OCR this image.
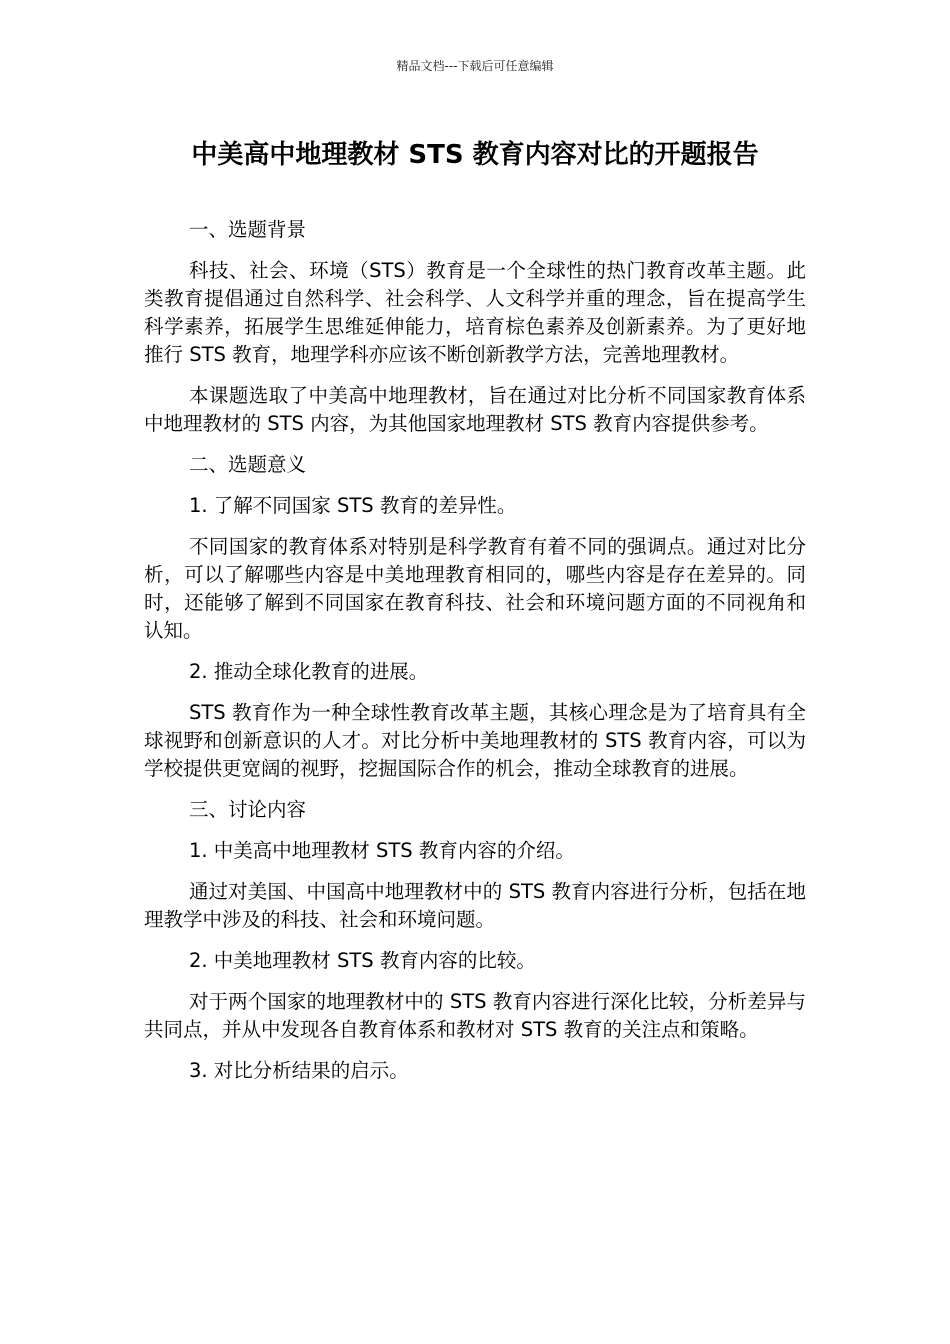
精品文档---下载后可任意编辑
中美高中地理教材 STS 教育内容对比的开题报告
一、选题背景

科技、社会、环境（STS）教育是一个全球性的热门教育改革主题。此类教育提倡通过自然科学、社会科学、人文科学并重的理念，旨在提高学生科学素养，拓展学生思维延伸能力，培育棕色素养及创新素养。为了更好地推行 STS 教育，地理学科亦应该不断创新教学方法，完善地理教材。

本课题选取了中美高中地理教材，旨在通过对比分析不同国家教育体系中地理教材的 STS 内容，为其他国家地理教材 STS 教育内容提供参考。

二、选题意义
1. 了解不同国家 STS 教育的差异性。

不同国家的教育体系对特别是科学教育有着不同的强调点。通过对比分析，可以了解哪些内容是中美地理教育相同的，哪些内容是存在差异的。同时，还能够了解到不同国家在教育科技、社会和环境问题方面的不同视角和认知。

2. 推动全球化教育的进展。

STS 教育作为一种全球性教育改革主题，其核心理念是为了培育具有全球视野和创新意识的人才。对比分析中美地理教材的 STS 教育内容，可以为学校提供更宽阔的视野，挖掘国际合作的机会，推动全球教育的进展。

三、讨论内容
1. 中美高中地理教材 STS 教育内容的介绍。

通过对美国、中国高中地理教材中的 STS 教育内容进行分析，包括在地理教学中涉及的科技、社会和环境问题。

2. 中美地理教材 STS 教育内容的比较。

对于两个国家的地理教材中的 STS 教育内容进行深化比较，分析差异与共同点，并从中发现各自教育体系和教材对 STS 教育的关注点和策略。

3. 对比分析结果的启示。
